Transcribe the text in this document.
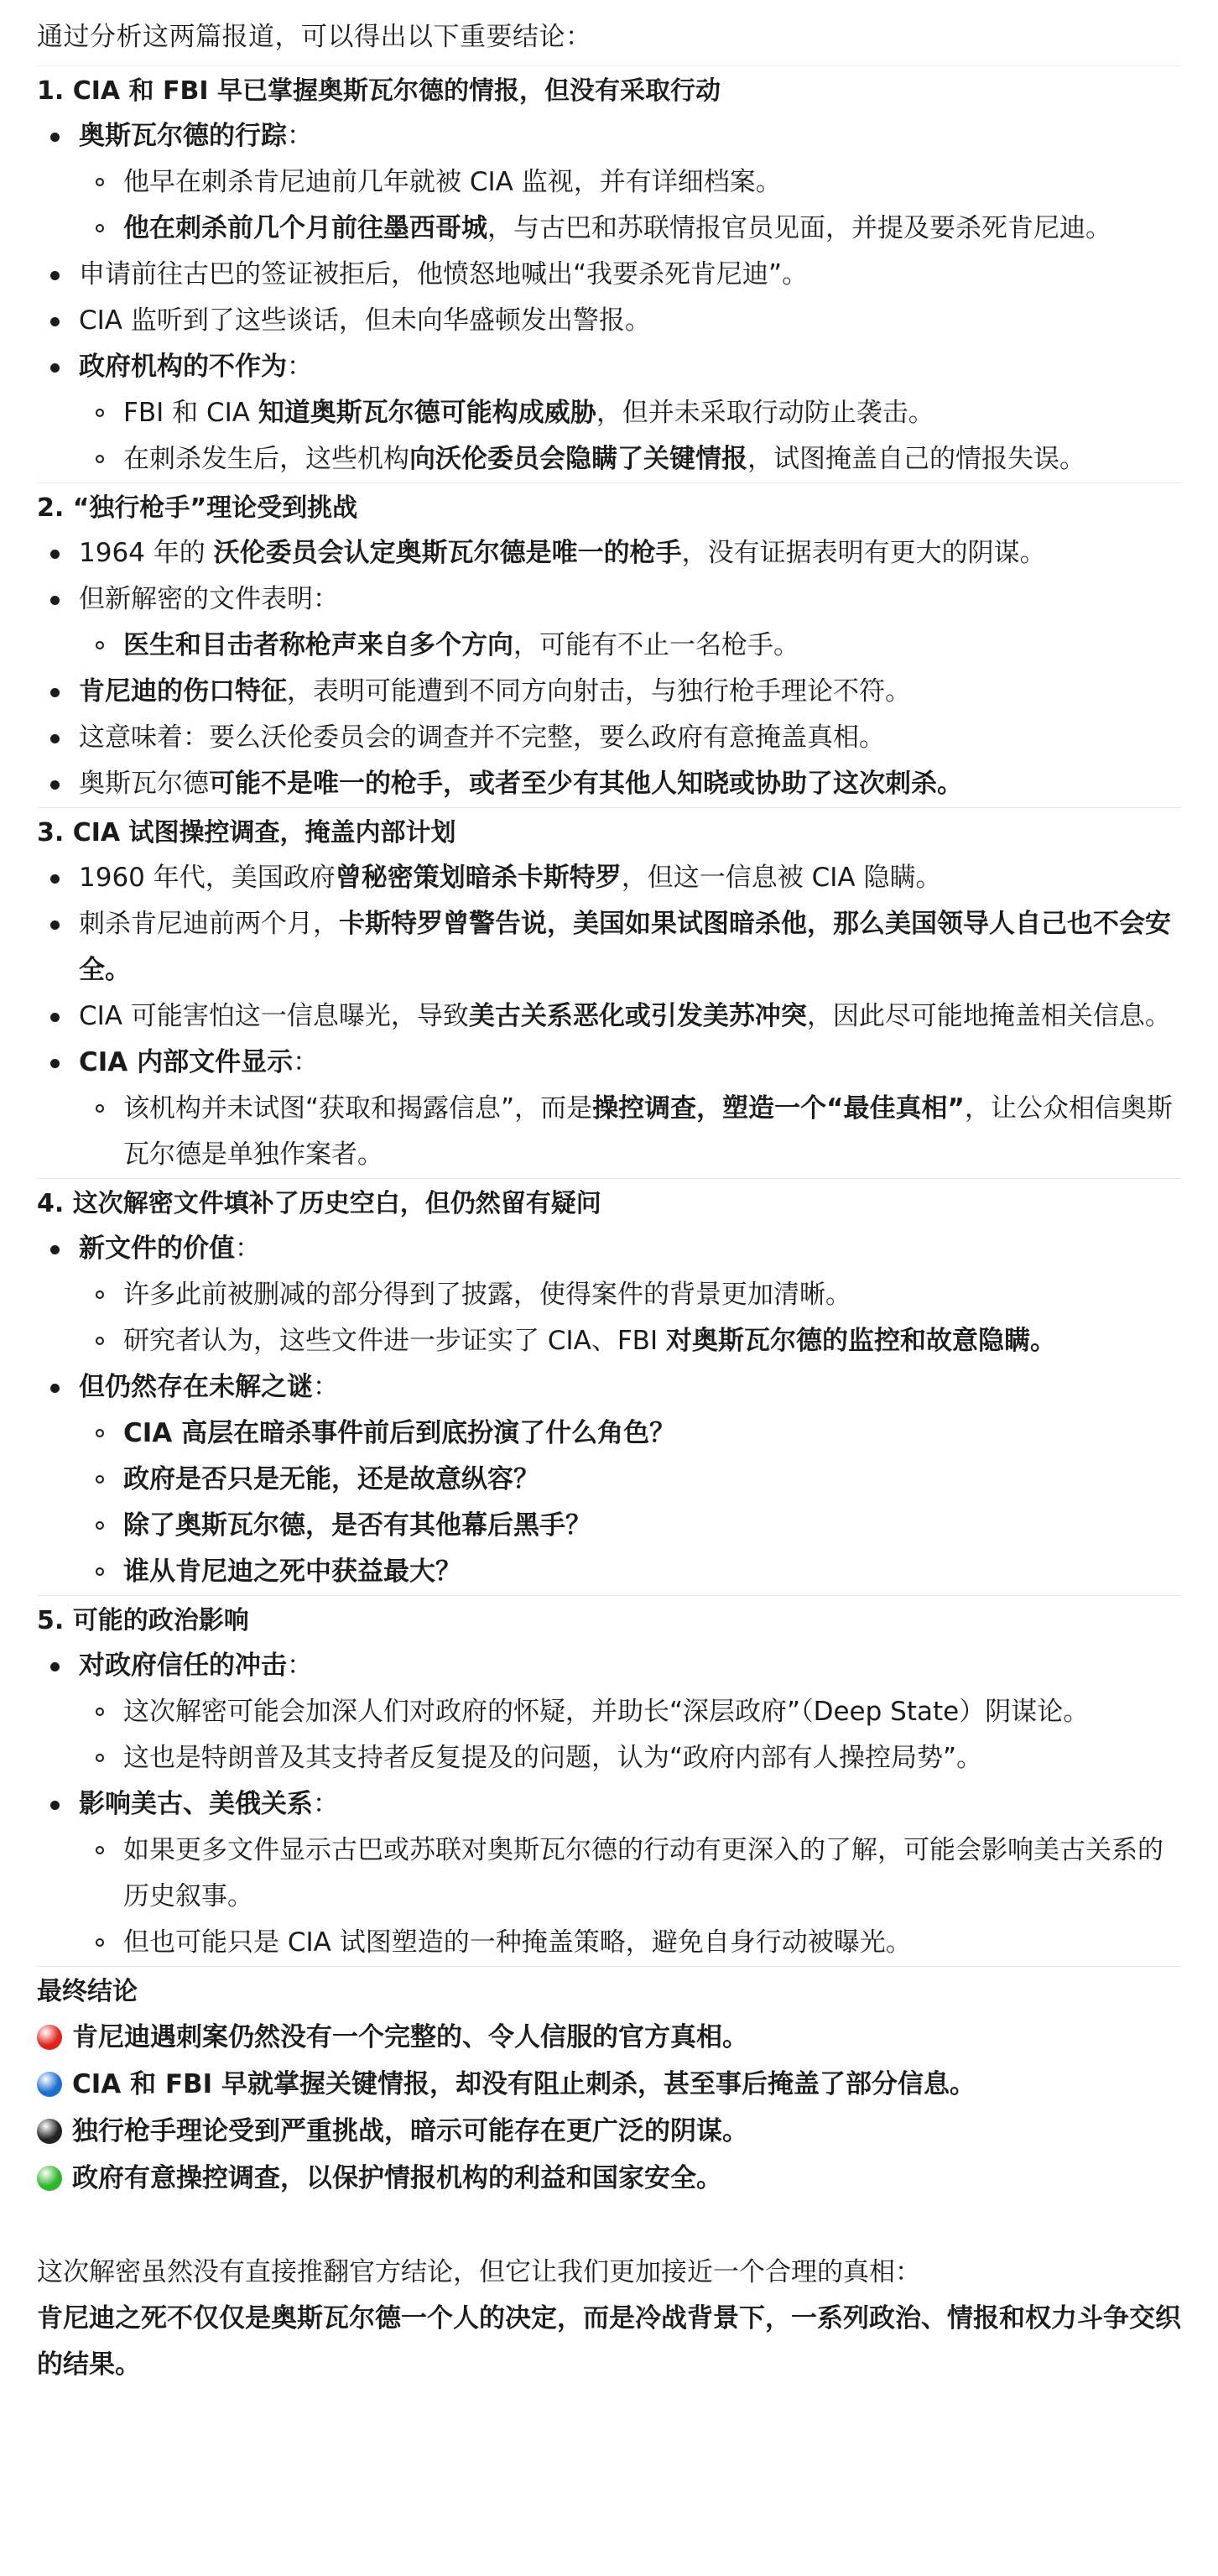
通过分析这两篇报道，可以得出以下重要结论：

1. CIA 和 FBI 早已掌握奥斯瓦尔德的情报，但没有采取行动

奥斯瓦尔德的行踪：
他早在刺杀肯尼迪前几年就被 CIA 监视，并有详细档案。
他在刺杀前几个月前往墨西哥城，与古巴和苏联情报官员见面，并提及要杀死肯尼迪。
申请前往古巴的签证被拒后，他愤怒地喊出“我要杀死肯尼迪”。
CIA 监听到了这些谈话，但未向华盛顿发出警报。
政府机构的不作为：
FBI 和 CIA 知道奥斯瓦尔德可能构成威胁，但并未采取行动防止袭击。
在刺杀发生后，这些机构向沃伦委员会隐瞒了关键情报，试图掩盖自己的情报失误。

2. “独行枪手”理论受到挑战

1964 年的 沃伦委员会认定奥斯瓦尔德是唯一的枪手，没有证据表明有更大的阴谋。
但新解密的文件表明：
医生和目击者称枪声来自多个方向，可能有不止一名枪手。
肯尼迪的伤口特征，表明可能遭到不同方向射击，与独行枪手理论不符。
这意味着：要么沃伦委员会的调查并不完整，要么政府有意掩盖真相。
奥斯瓦尔德可能不是唯一的枪手，或者至少有其他人知晓或协助了这次刺杀。

3. CIA 试图操控调查，掩盖内部计划

1960 年代，美国政府曾秘密策划暗杀卡斯特罗，但这一信息被 CIA 隐瞒。
刺杀肯尼迪前两个月，卡斯特罗曾警告说，美国如果试图暗杀他，那么美国领导人自己也不会安全。
CIA 可能害怕这一信息曝光，导致美古关系恶化或引发美苏冲突，因此尽可能地掩盖相关信息。
CIA 内部文件显示：
该机构并未试图“获取和揭露信息”，而是操控调查，塑造一个“最佳真相”，让公众相信奥斯瓦尔德是单独作案者。

4. 这次解密文件填补了历史空白，但仍然留有疑问

新文件的价值：
许多此前被删减的部分得到了披露，使得案件的背景更加清晰。
研究者认为，这些文件进一步证实了 CIA、FBI 对奥斯瓦尔德的监控和故意隐瞒。
但仍然存在未解之谜：
CIA 高层在暗杀事件前后到底扮演了什么角色？
政府是否只是无能，还是故意纵容？
除了奥斯瓦尔德，是否有其他幕后黑手？
谁从肯尼迪之死中获益最大？

5. 可能的政治影响

对政府信任的冲击：
这次解密可能会加深人们对政府的怀疑，并助长“深层政府”（Deep State）阴谋论。
这也是特朗普及其支持者反复提及的问题，认为“政府内部有人操控局势”。
影响美古、美俄关系：
如果更多文件显示古巴或苏联对奥斯瓦尔德的行动有更深入的了解，可能会影响美古关系的历史叙事。
但也可能只是 CIA 试图塑造的一种掩盖策略，避免自身行动被曝光。

最终结论

肯尼迪遇刺案仍然没有一个完整的、令人信服的官方真相。

CIA 和 FBI 早就掌握关键情报，却没有阻止刺杀，甚至事后掩盖了部分信息。

独行枪手理论受到严重挑战，暗示可能存在更广泛的阴谋。

政府有意操控调查，以保护情报机构的利益和国家安全。

这次解密虽然没有直接推翻官方结论，但它让我们更加接近一个合理的真相：

肯尼迪之死不仅仅是奥斯瓦尔德一个人的决定，而是冷战背景下，一系列政治、情报和权力斗争交织的结果。
